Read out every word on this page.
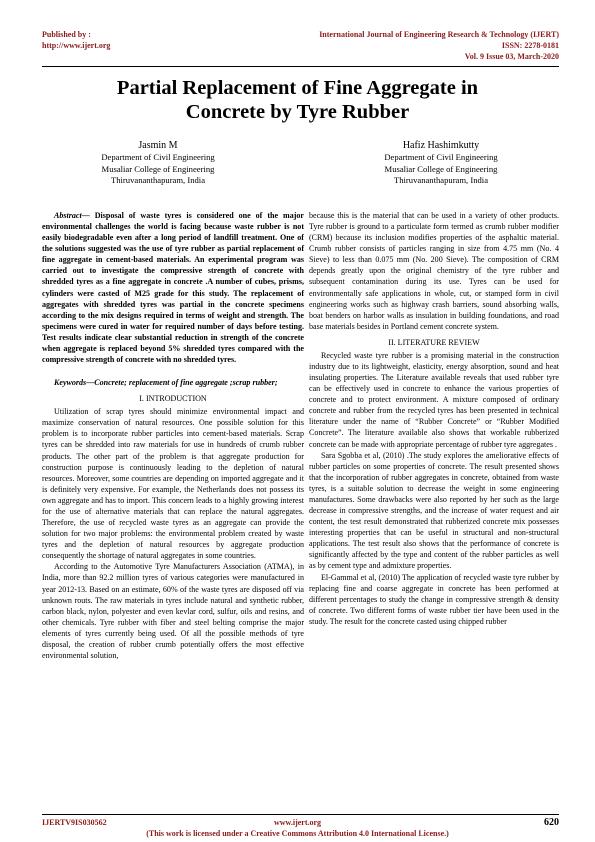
Published by :
http://www.ijert.org
International Journal of Engineering Research & Technology (IJERT)
ISSN: 2278-0181
Vol. 9 Issue 03, March-2020
Partial Replacement of Fine Aggregate in
Concrete by Tyre Rubber
Jasmin M
Department of Civil Engineering
Musaliar College of Engineering
Thiruvananthapuram, India
Hafiz Hashimkutty
Department of Civil Engineering
Musaliar College of Engineering
Thiruvananthapuram, India

Abstract— Disposal of waste tyres is considered one of the major environmental challenges the world is facing because waste rubber is not easily biodegradable even after a long period of landfill treatment. One of the solutions suggested was the use of tyre rubber as partial replacement of fine aggregate in cement-based materials. An experimental program was carried out to investigate the compressive strength of concrete with shredded tyres as a fine aggregate in concrete .A number of cubes, prisms, cylinders were casted of M25 grade for this study. The replacement of aggregates with shredded tyres was partial in the concrete specimens according to the mix designs required in terms of weight and strength. The specimens were cured in water for required number of days before testing. Test results indicate clear substantial reduction in strength of the concrete when aggregate is replaced beyond 5% shredded tyres compared with the compressive strength of concrete with no shredded tyres.

Keywords—Concrete; replacement of fine aggregate ;scrap rubber;

I. INTRODUCTION

Utilization of scrap tyres should minimize environmental impact and maximize conservation of natural resources. One possible solution for this problem is to incorporate rubber particles into cement-based materials. Scrap tyres can be shredded into raw materials for use in hundreds of crumb rubber products. The other part of the problem is that aggregate production for construction purpose is continuously leading to the depletion of natural resources. Moreover, some countries are depending on imported aggregate and it is definitely very expensive. For example, the Netherlands does not possess its own aggregate and has to import. This concern leads to a highly growing interest for the use of alternative materials that can replace the natural aggregates. Therefore, the use of recycled waste tyres as an aggregate can provide the solution for two major problems: the environmental problem created by waste tyres and the depletion of natural resources by aggregate production consequently the shortage of natural aggregates in some countries.

According to the Automotive Tyre Manufacturers Association (ATMA), in India, more than 92.2 million tyres of various categories were manufactured in year 2012-13. Based on an estimate, 60% of the waste tyres are disposed off via unknown routs. The raw materials in tyres include natural and synthetic rubber, carbon black, nylon, polyester and even kevlar cord, sulfur, oils and resins, and other chemicals. Tyre rubber with fiber and steel belting comprise the major elements of tyres currently being used. Of all the possible methods of tyre disposal, the creation of rubber crumb potentially offers the most effective environmental solution,

because this is the material that can be used in a variety of other products. Tyre rubber is ground to a particulate form termed as crumb rubber modifier (CRM) because its inclusion modifies properties of the asphaltic material. Crumb rubber consists of particles ranging in size from 4.75 mm (No. 4 Sieve) to less than 0.075 mm (No. 200 Sieve). The composition of CRM depends greatly upon the original chemistry of the tyre rubber and subsequent contamination during its use. Tyres can be used for environmentally safe applications in whole, cut, or stamped form in civil engineering works such as highway crash barriers, sound absorbing walls, boat benders on harbor walls as insulation in building foundations, and road base materials besides in Portland cement concrete system.

II. LITERATURE REVIEW

Recycled waste tyre rubber is a promising material in the construction industry due to its lightweight, elasticity, energy absorption, sound and heat insulating properties. The Literature available reveals that used rubber tyre can be effectively used in concrete to enhance the various properties of concrete and to protect environment. A mixture composed of ordinary concrete and rubber from the recycled tyres has been presented in technical literature under the name of “Rubber Concrete” or “Rubber Modified Concrete”. The literature available also shows that workable rubberized concrete can be made with appropriate percentage of rubber tyre aggregates .

Sara Sgobba et al, (2010) .The study explores the ameliorative effects of rubber particles on some properties of concrete. The result presented shows that the incorporation of rubber aggregates in concrete, obtained from waste tyres, is a suitable solution to decrease the weight in some engineering manufactures. Some drawbacks were also reported by her such as the large decrease in compressive strengths, and the increase of water request and air content, the test result demonstrated that rubberized concrete mix possesses interesting properties that can be useful in structural and non-structural applications. The test result also shows that the performance of concrete is significantly affected by the type and content of the rubber particles as well as by cement type and admixture properties.

El-Gammal et al, (2010) The application of recycled waste tyre rubber by replacing fine and coarse aggregate in concrete has been performed at different percentages to study the change in compressive strength & density of concrete. Two different forms of waste rubber tier have been used in the study. The result for the concrete casted using chipped rubber

IJERTV9IS030562	www.ijert.org
(This work is licensed under a Creative Commons Attribution 4.0 International License.)
620
